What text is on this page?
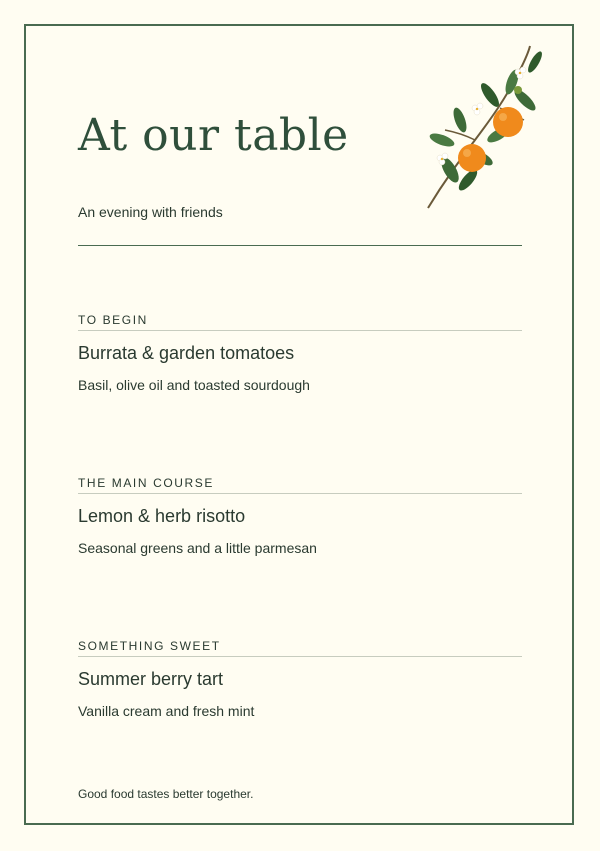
At our table
An evening with friends
TO BEGIN
Burrata & garden tomatoes
Basil, olive oil and toasted sourdough
THE MAIN COURSE
Lemon & herb risotto
Seasonal greens and a little parmesan
SOMETHING SWEET
Summer berry tart
Vanilla cream and fresh mint
Good food tastes better together.
